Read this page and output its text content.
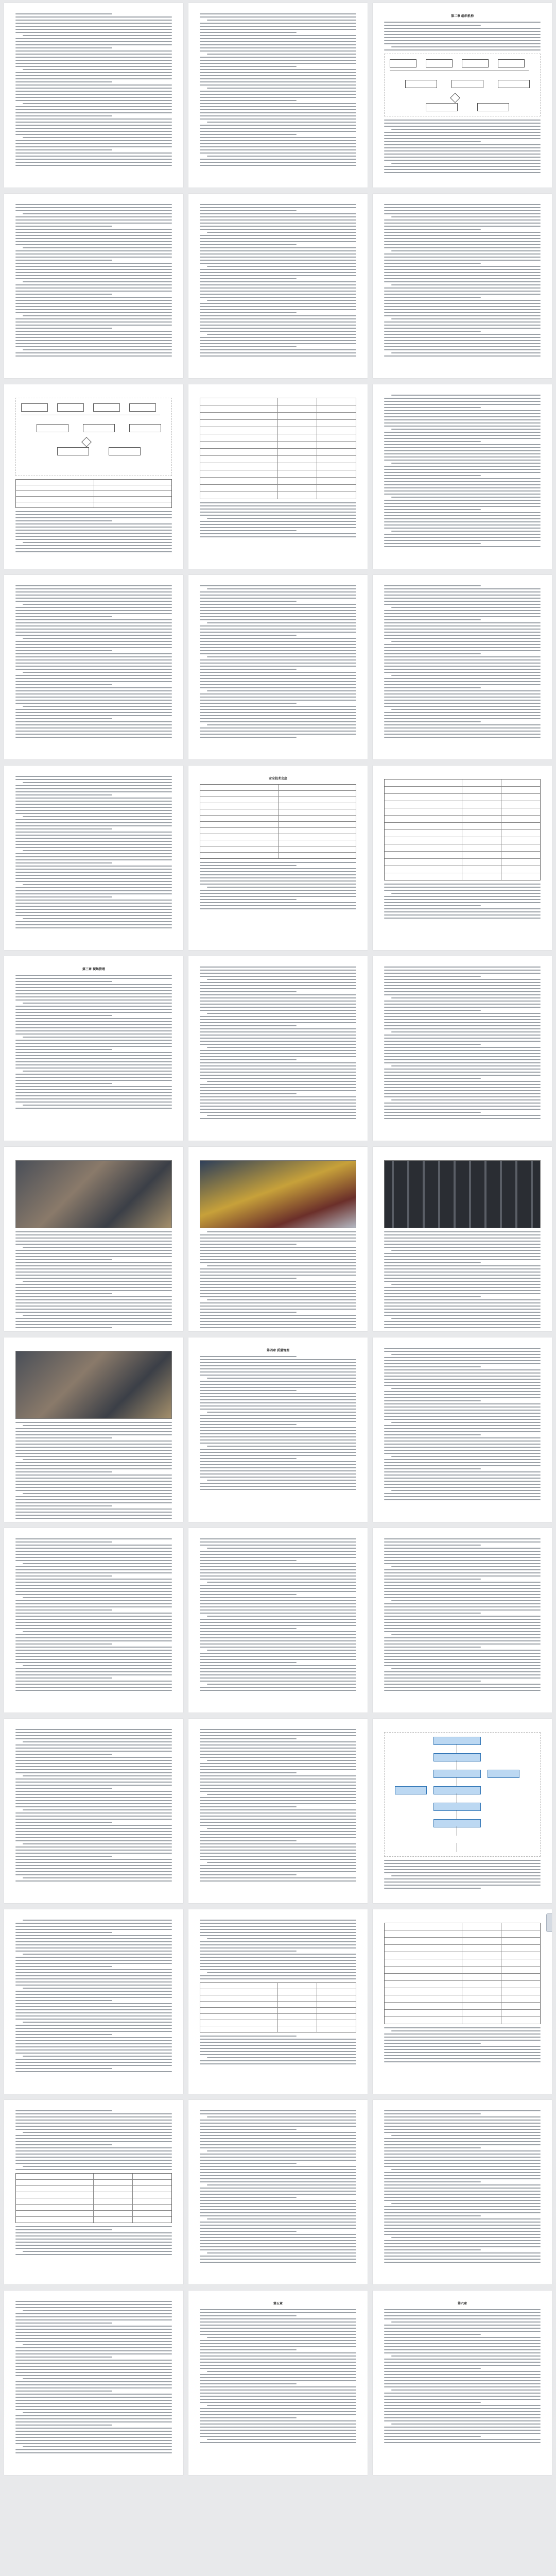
第二章 组织机构
安全技术交底
第三章 现场管理
第四章 质量管理
第五章	第六章
